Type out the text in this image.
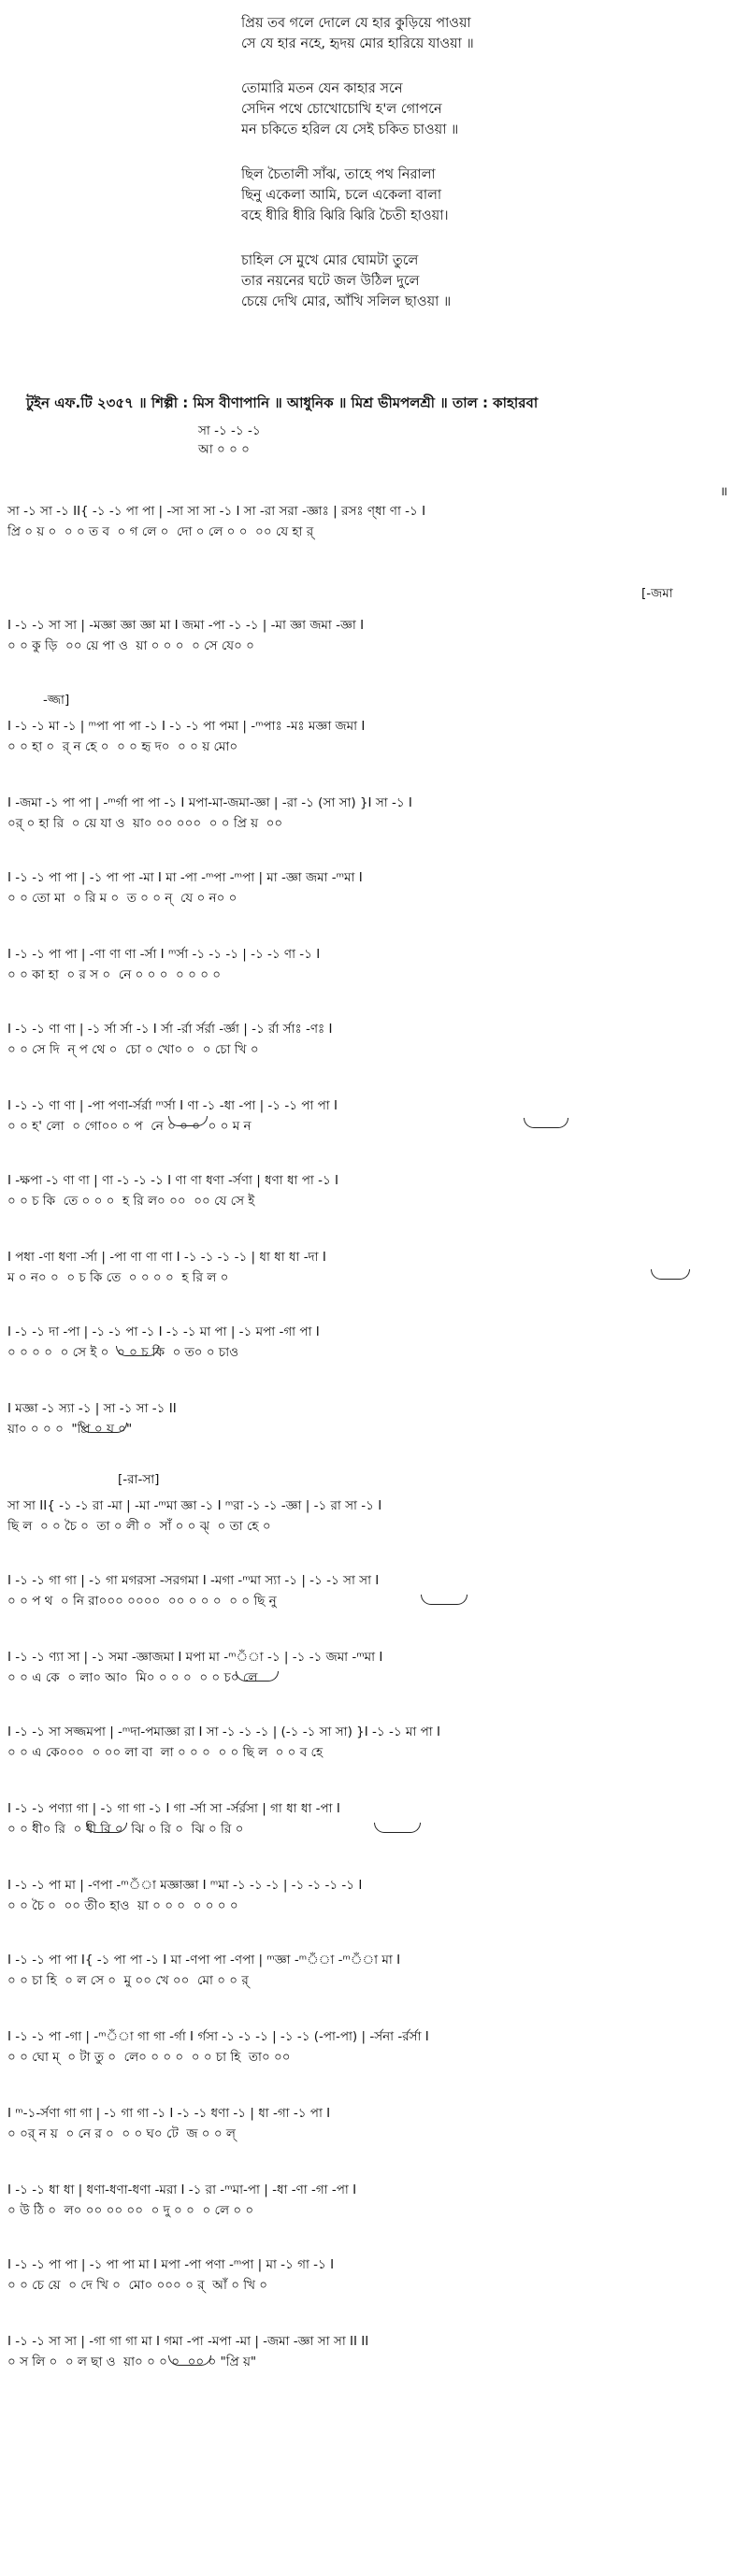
প্রিয় তব গলে দোলে যে হার কুড়িয়ে পাওয়া
সে যে হার নহে, হৃদয় মোর হারিয়ে যাওয়া ॥
তোমারি মতন যেন কাহার সনে
সেদিন পথে চোখোচোখি হ'ল গোপনে
মন চকিতে হরিল যে সেই চকিত চাওয়া ॥
ছিল চৈতালী সাঁঝ, তাহে পথ নিরালা
ছিনু একেলা আমি, চলে একেলা বালা
বহে ধীরি ধীরি ঝিরি ঝিরি চৈতী হাওয়া।
চাহিল সে মুখে মোর ঘোমটা তুলে
তার নয়নের ঘটে জল উঠিল দুলে
চেয়ে দেখি মোর, আঁখি সলিল ছাওয়া ॥
টুইন এফ.টি ২৩৫৭ ॥ শিল্পী : মিস বীণাপানি ॥ আধুনিক ॥ মিশ্র ভীমপলশ্রী ॥ তাল : কাহারবা
॥
[-জমা
-জ্জা]
[-রা-সা]
সা -১ -১ -১
আ ০ ০ ০
সা -১ সা -১ II{ -১ -১ পা পা | -সা সা সা -১ I সা -রা সরা -জ্ঞাঃ | রসঃ ণ্ধা ণা -১ I
প্রি ০ য় ০  ০ ০ ত ব  ০ গ লে ০  দো ০ লে ০ ০  ০০ যে হা র্
I -১ -১ সা সা | -মজ্ঞা জ্ঞা জ্ঞা মা I জমা -পা -১ -১ | -মা জ্ঞা জমা -জ্ঞা I
০ ০ কু ড়ি  ০০ য়ে পা ও  য়া ০ ০ ০  ০ সে যে০ ০
I -১ -১ মা -১ | ᵐপা পা পা -১ I -১ -১ পা পমা | -ᵐপাঃ -মঃ মজ্ঞা জমা I
০ ০ হা ০  র্ ন হে ০  ০ ০ হৃ দ০  ০ ০ য় মো০
I -জমা -১ পা পা | -ᵐর্গা পা পা -১ I মপা-মা-জমা-জ্ঞা | -রা -১ (সা সা) }I সা -১ I
০র্ ০ হা রি  ০ য়ে যা ও  য়া০ ০০ ০০০  ০ ০ প্রি য়  ০০
I -১ -১ পা পা | -১ পা পা -মা I মা -পা -ᵐপা -ᵐপা | মা -জ্ঞা জমা -ᵐমা I
০ ০ তো মা  ০ রি ম ০  ত ০ ০ ন্  যে ০ ন০ ০
I -১ -১ পা পা | -ণা ণা ণা -র্সা I ᵐর্সা -১ -১ -১ | -১ -১ ণা -১ I
০ ০ কা হা  ০ র স ০  নে ০ ০ ০  ০ ০ ০ ০
I -১ -১ ণা ণা | -১ র্সা র্সা -১ I র্সা -র্রা র্সর্রা -র্জ্ঞা | -১ র্রা র্সাঃ -ণঃ I
০ ০ সে দি  ন্ প থে ০  চো ০ খো০ ০  ০ চো খি ০
I -১ -১ ণা ণা | -পা পণা-র্সর্রা ᵐর্সা I ণা -১ -ধা -পা | -১ -১ পা পা I
০ ০ হ' লো  ০ গো০০ ০ প  নে ০ ০ ০  ০ ০ ম ন
I -ক্ষপা -১ ণা ণা | ণা -১ -১ -১ I ণা ণা ধণা -র্সণা | ধণা ধা পা -১ I
০ ০ চ কি  তে ০ ০ ০  হ রি ল০ ০০  ০০ যে সে ই
I পধা -ণা ধণা -র্সা | -পা ণা ণা ণা I -১ -১ -১ -১ | ধা ধা ধা -দা I
ম ০ ন০ ০  ০ চ কি তে  ০ ০ ০ ০  হ রি ল ০
I -১ -১ দা -পা | -১ -১ পা -১ I -১ -১ মা পা | -১ মপা -গা পা I
০ ০ ০ ০  ০ সে ই ০  ০ ০ চ কি  ০ ত০ ০ চাও
I মজ্ঞা -১ স্যা -১ | সা -১ সা -১ II
য়া০ ০ ০ ০  "প্রি ০ য় ০"
সা সা II{ -১ -১ রা -মা | -মা -ᵐমা জ্ঞা -১ I ᵐরা -১ -১ -জ্ঞা | -১ রা সা -১ I
ছি ল  ০ ০ চৈ ০  তা ০ লী ০  সাঁ ০ ০ ঝ্  ০ তা হে ০
I -১ -১ গা গা | -১ গা মগরসা -সরগমা I -মগা -ᵐমা স্যা -১ | -১ -১ সা সা I
০ ০ প থ  ০ নি রা০০০ ০০০০  ০০ ০ ০ ০  ০ ০ ছি নু
I -১ -১ ণ্যা সা | -১ সমা -জ্ঞাজমা I মপা মা -ᵐঁা -১ | -১ -১ জমা -ᵐমা I
০ ০ এ কে  ০ লা০ আ০  মি০ ০ ০ ০  ০ ০ চ০ লে
I -১ -১ সা সজ্জমপা | -ᵐদা-পমাজ্ঞা রা I সা -১ -১ -১ | (-১ -১ সা সা) }I -১ -১ মা পা I
০ ০ এ কে০০০  ০ ০০ লা বা  লা ০ ০ ০  ০ ০ ছি ল  ০ ০ ব হে
I -১ -১ পণ্যা গা | -১ গা গা -১ I গা -র্সা সা -র্সর্রসা | গা ধা ধা -পা I
০ ০ ধী০ রি  ০ ধী রি ০  ঝি ০ রি ০  ঝি ০ রি ০
I -১ -১ পা মা | -ণপা -ᵐঁা মজ্ঞাজ্ঞা I ᵐমা -১ -১ -১ | -১ -১ -১ -১ I
০ ০ চৈ ০  ০০ তী০ হাও  য়া ০ ০ ০  ০ ০ ০ ০
I -১ -১ পা পা I{ -১ পা পা -১ I মা -ণপা পা -ণপা | ᵐজ্ঞা -ᵐঁা -ᵐঁা মা I
০ ০ চা হি  ০ ল সে ০  মু ০০ খে ০০  মো ০ ০ র্
I -১ -১ পা -গা | -ᵐঁা গা গা -র্গা I র্গসা -১ -১ -১ | -১ -১ (-পা-পা) | -র্সনা -র্রর্সা I
০ ০ ঘো ম্  ০ টা তু ০  লে০ ০ ০ ০  ০ ০ চা হি  তা০ ০০
I ᵐ-১-র্সণা গা গা | -১ গা গা -১ I -১ -১ ধণা -১ | ধা -গা -১ পা I
০ ০র্ ন য়  ০ নে র ০  ০ ০ ঘ০ টে  জ ০ ০ ল্
I -১ -১ ধা ধা | ধণা-ধণা-ধণা -মরা I -১ রা -ᵐমা-পা | -ধা -ণা -গা -পা I
০ উ ঠি ০  ল০ ০০ ০০ ০০  ০ দু ০ ০  ০ লে ০ ০
I -১ -১ পা পা | -১ পা পা মা I মপা -পা পণা -ᵐপা | মা -১ গা -১ I
০ ০ চে য়ে  ০ দে খি ০  মো০ ০০০ ০ র্  আঁ ০ খি ০
I -১ -১ সা সা | -গা গা গা মা I গমা -পা -মপা -মা | -জমা -জ্ঞা সা সা II II
০ স লি ০  ০ ল ছা ও  য়া০ ০ ০ ০  ০০ ০ "প্রি য়"
